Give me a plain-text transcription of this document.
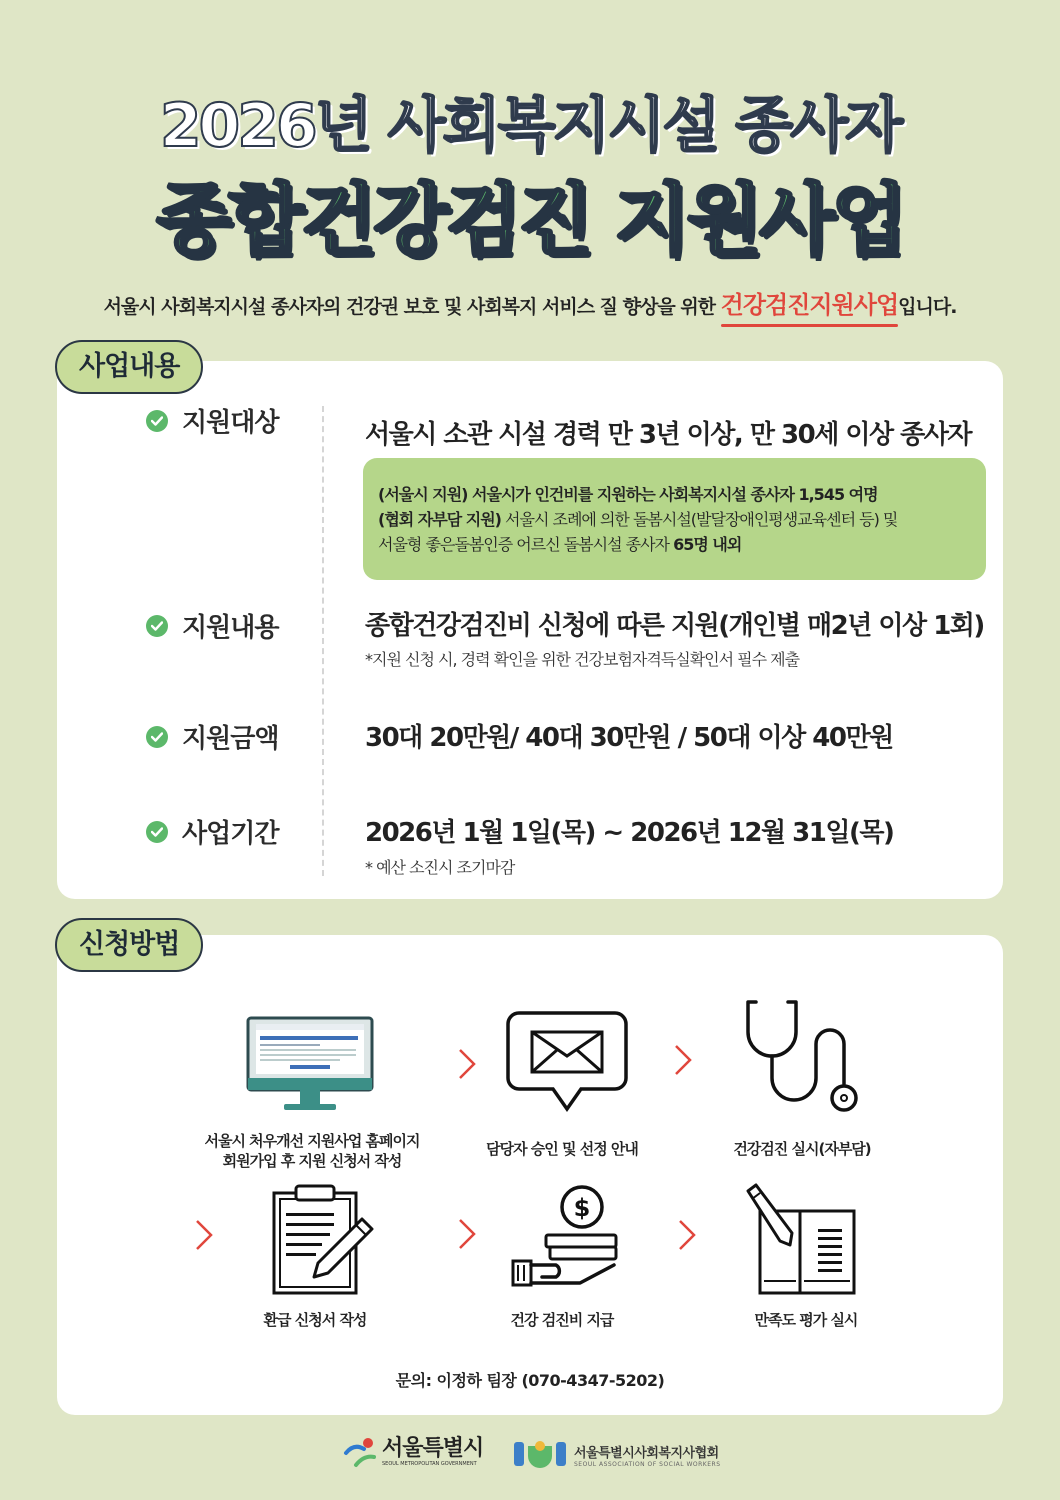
2026년 사회복지시설 종사자
종합건강검진 지원사업
서울시 사회복지시설 종사자의 건강권 보호 및 사회복지 서비스 질 향상을 위한 건강검진지원사업
입니다.
사업내용
지원대상	서울시 소관 시설 경력 만 3년 이상, 만 30세 이상 종사자
(서울시 지원) 서울시가 인건비를 지원하는 사회복지시설 종사자 1,545 여명
(협회 자부담 지원) 서울시 조례에 의한 돌봄시설(발달장애인평생교육센터 등) 및
서울형 좋은돌봄인증 어르신 돌봄시설 종사자 65명 내외
지원내용	종합건강검진비 신청에 따른 지원(개인별 매2년 이상 1회)
*지원 신청 시, 경력 확인을 위한 건강보험자격득실확인서 필수 제출
지원금액	30대 20만원/ 40대 30만원 / 50대 이상 40만원
사업기간	2026년 1월 1일(목) ~ 2026년 12월 31일(목)
* 예산 소진시 조기마감
신청방법
서울시 처우개선 지원사업 홈페이지
회원가입 후 지원 신청서 작성
담당자 승인 및 선정 안내	건강검진 실시(자부담)
환급 신청서 작성
$
건강 검진비 지급	만족도 평가 실시
문의: 이정하 팀장 (070-4347-5202)
서울특별시
SEOUL METROPOLITAN GOVERNMENT
서울특별시사회복지사협회
SEOUL ASSOCIATION OF SOCIAL WORKERS
